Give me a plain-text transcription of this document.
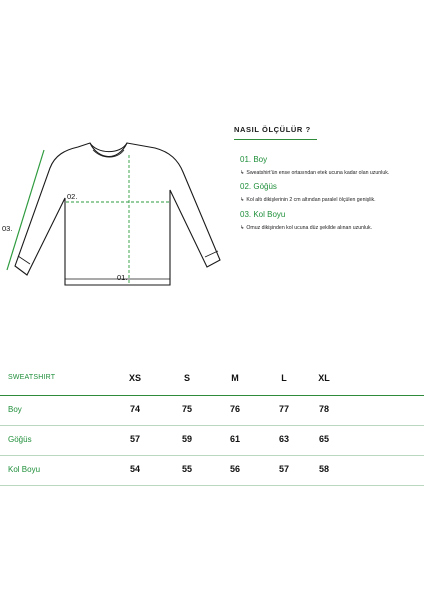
01.
02.
03.
NASIL ÖLÇÜLÜR ?
01. Boy
↳ Sweatshirt'ün ense ortasından etek ucuna kadar olan uzunluk.
02. Göğüs
↳ Kol altı dikişlerinin 2 cm altından paralel ölçülen genişlik.
03. Kol Boyu
↳ Omuz dikişinden kol ucuna düz şekilde alınan uzunluk.
SWEATSHIRT	XS	S	M	L	XL
Boy	74	75	76	77	78
Göğüs	57	59	61	63	65
Kol Boyu	54	55	56	57	58
